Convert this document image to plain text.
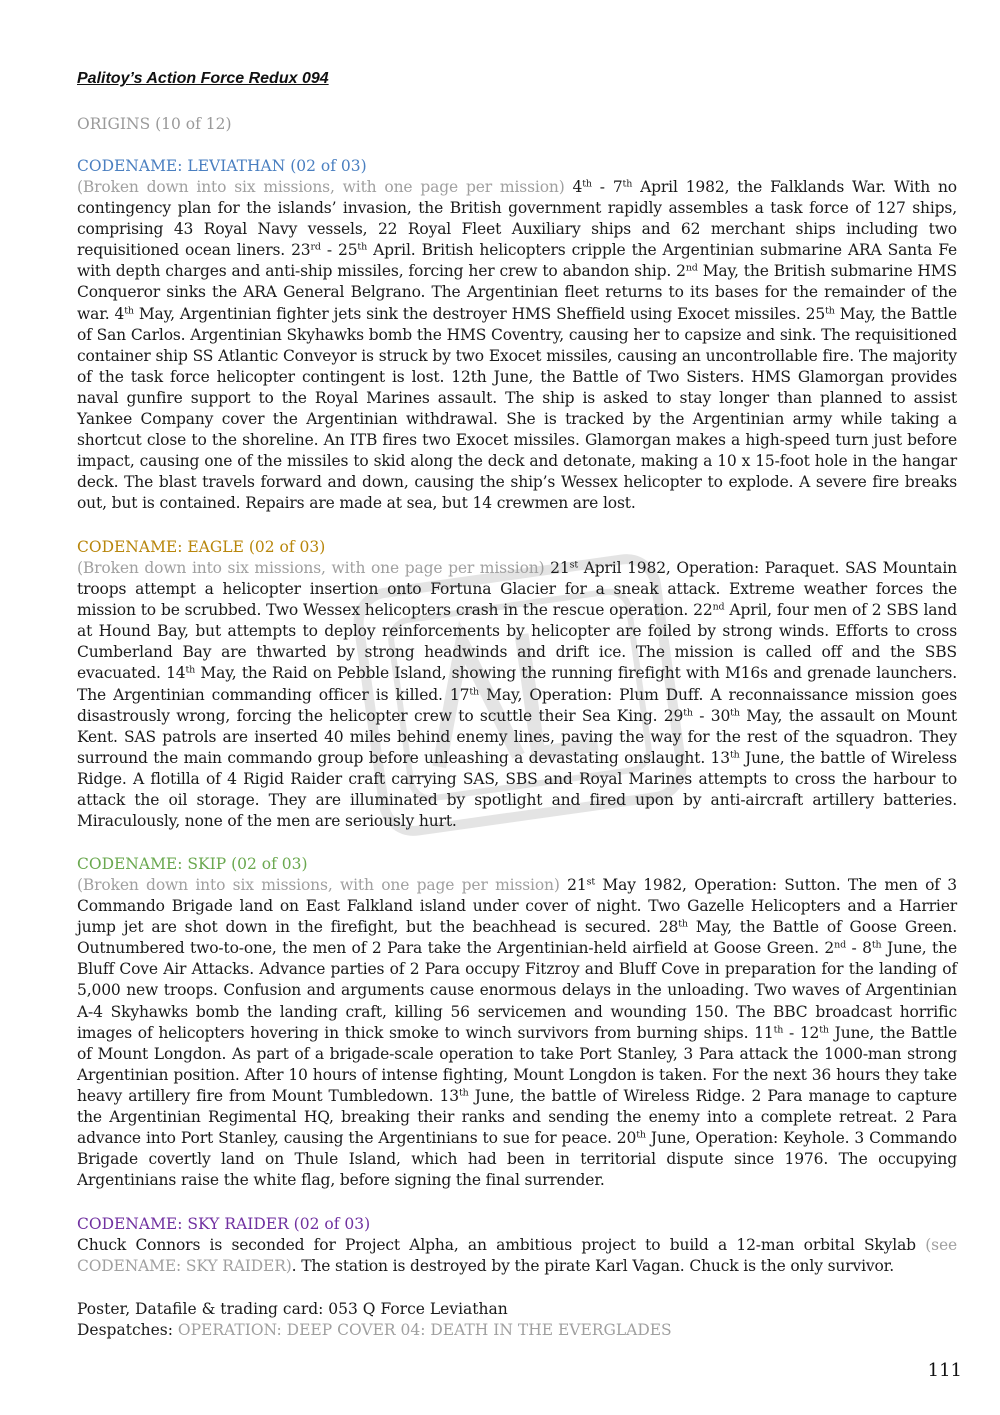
Palitoy’s Action Force Redux 094
ORIGINS (10 of 12)

CODENAME: LEVIATHAN (02 of 03)

(Broken down into six missions, with one page per mission) 4th - 7th April 1982, the Falklands War. With no contingency plan for the islands’ invasion, the British government rapidly assembles a task force of 127 ships, comprising 43 Royal Navy vessels, 22 Royal Fleet Auxiliary ships and 62 merchant ships including two requisitioned ocean liners. 23rd - 25th April. British helicopters cripple the Argentinian submarine ARA Santa Fe with depth charges and anti-ship missiles, forcing her crew to abandon ship. 2nd May, the British submarine HMS Conqueror sinks the ARA General Belgrano. The Argentinian fleet returns to its bases for the remainder of the war. 4th May, Argentinian fighter jets sink the destroyer HMS Sheffield using Exocet missiles. 25th May, the Battle of San Carlos. Argentinian Skyhawks bomb the HMS Coventry, causing her to capsize and sink. The requisitioned container ship SS Atlantic Conveyor is struck by two Exocet missiles, causing an uncontrollable fire. The majority of the task force helicopter contingent is lost. 12th June, the Battle of Two Sisters. HMS Glamorgan provides naval gunfire support to the Royal Marines assault. The ship is asked to stay longer than planned to assist Yankee Company cover the Argentinian withdrawal. She is tracked by the Argentinian army while taking a shortcut close to the shoreline. An ITB fires two Exocet missiles. Glamorgan makes a high-speed turn just before impact, causing one of the missiles to skid along the deck and detonate, making a 10 x 15-foot hole in the hangar deck. The blast travels forward and down, causing the ship’s Wessex helicopter to explode. A severe fire breaks out, but is contained. Repairs are made at sea, but 14 crewmen are lost.

CODENAME: EAGLE (02 of 03)

(Broken down into six missions, with one page per mission) 21st April 1982, Operation: Paraquet. SAS Mountain troops attempt a helicopter insertion onto Fortuna Glacier for a sneak attack. Extreme weather forces the mission to be scrubbed. Two Wessex helicopters crash in the rescue operation. 22nd April, four men of 2 SBS land at Hound Bay, but attempts to deploy reinforcements by helicopter are foiled by strong winds. Efforts to cross Cumberland Bay are thwarted by strong headwinds and drift ice. The mission is called off and the SBS evacuated. 14th May, the Raid on Pebble Island, showing the running firefight with M16s and grenade launchers. The Argentinian commanding officer is killed. 17th May, Operation: Plum Duff. A reconnaissance mission goes disastrously wrong, forcing the helicopter crew to scuttle their Sea King. 29th - 30th May, the assault on Mount Kent. SAS patrols are inserted 40 miles behind enemy lines, paving the way for the rest of the squadron. They surround the main commando group before unleashing a devastating onslaught. 13th June, the battle of Wireless Ridge. A flotilla of 4 Rigid Raider craft carrying SAS, SBS and Royal Marines attempts to cross the harbour to attack the oil storage. They are illuminated by spotlight and fired upon by anti-aircraft artillery batteries. Miraculously, none of the men are seriously hurt.

CODENAME: SKIP (02 of 03)

(Broken down into six missions, with one page per mission) 21st May 1982, Operation: Sutton. The men of 3 Commando Brigade land on East Falkland island under cover of night. Two Gazelle Helicopters and a Harrier jump jet are shot down in the firefight, but the beachhead is secured. 28th May, the Battle of Goose Green. Outnumbered two-to-one, the men of 2 Para take the Argentinian-held airfield at Goose Green. 2nd - 8th June, the Bluff Cove Air Attacks. Advance parties of 2 Para occupy Fitzroy and Bluff Cove in preparation for the landing of 5,000 new troops. Confusion and arguments cause enormous delays in the unloading. Two waves of Argentinian A-4 Skyhawks bomb the landing craft, killing 56 servicemen and wounding 150. The BBC broadcast horrific images of helicopters hovering in thick smoke to winch survivors from burning ships. 11th - 12th June, the Battle of Mount Longdon. As part of a brigade-scale operation to take Port Stanley, 3 Para attack the 1000-man strong Argentinian position. After 10 hours of intense fighting, Mount Longdon is taken. For the next 36 hours they take heavy artillery fire from Mount Tumbledown. 13th June, the battle of Wireless Ridge. 2 Para manage to capture the Argentinian Regimental HQ, breaking their ranks and sending the enemy into a complete retreat. 2 Para advance into Port Stanley, causing the Argentinians to sue for peace. 20th June, Operation: Keyhole. 3 Commando Brigade covertly land on Thule Island, which had been in territorial dispute since 1976. The occupying Argentinians raise the white flag, before signing the final surrender.

CODENAME: SKY RAIDER (02 of 03)

Chuck Connors is seconded for Project Alpha, an ambitious project to build a 12-man orbital Skylab (see CODENAME: SKY RAIDER). The station is destroyed by the pirate Karl Vagan. Chuck is the only survivor.

Poster, Datafile & trading card: 053 Q Force Leviathan
Despatches: OPERATION: DEEP COVER 04: DEATH IN THE EVERGLADES
111
